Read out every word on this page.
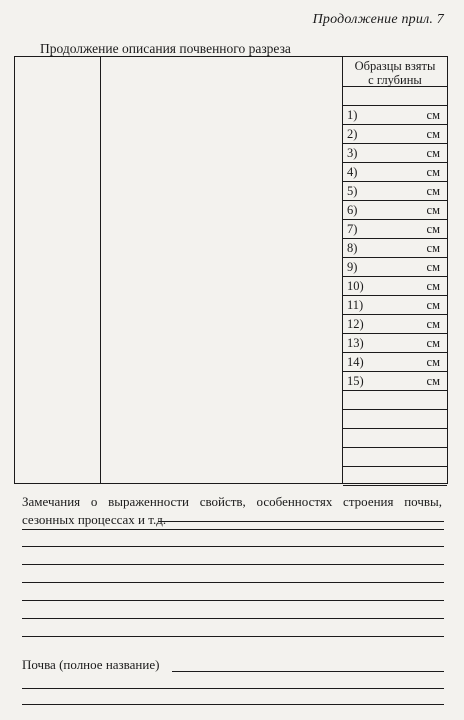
Продолжение прил. 7
Продолжение описания почвенного разреза
Образцы взяты
с глубины
1)	см
2)	см
3)	см
4)	см
5)	см
6)	см
7)	см
8)	см
9)	см
10)	см
11)	см
12)	см
13)	см
14)	см
15)	см
Замечания о выраженности свойств, особенностях строения почвы, сезонных процессах и т.д.
Почва (полное название)
